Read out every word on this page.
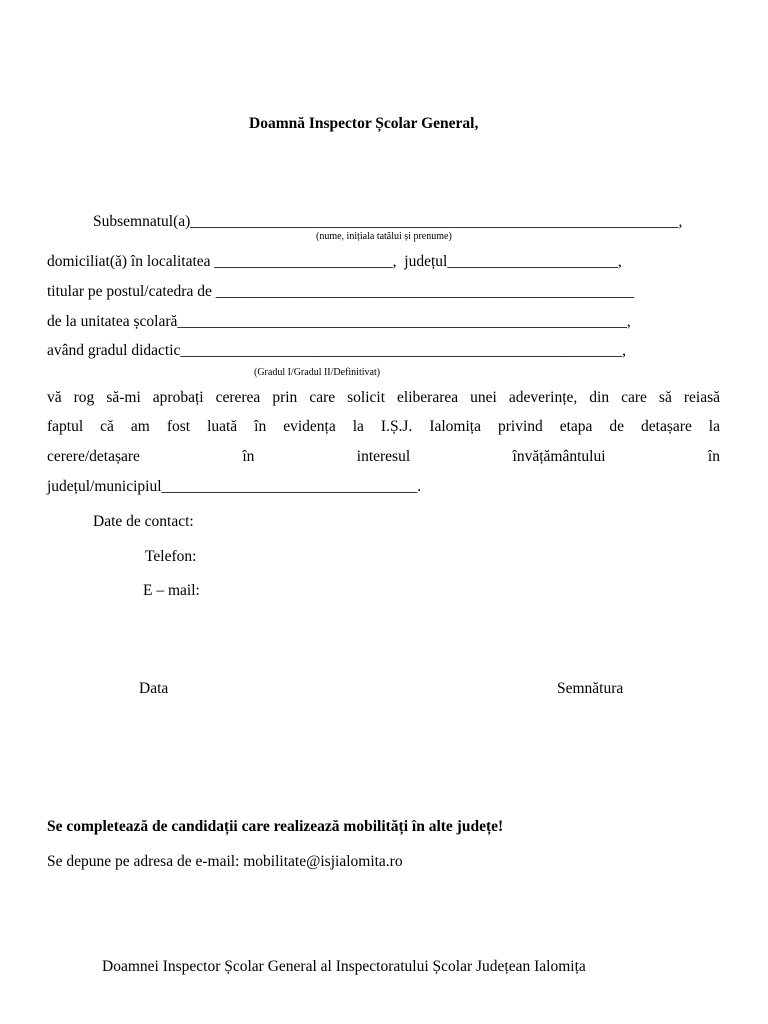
Doamnă Inspector Școlar General,
Subsemnatul(a)_______________________________________________________________,
(nume, inițiala tatălui și prenume)
domiciliat(ă) în localitatea _______________________,  județul______________________,
titular pe postul/catedra de ______________________________________________________
de la unitatea școlară__________________________________________________________,
având gradul didactic_________________________________________________________,
(Gradul I/Gradul II/Definitivat)
vă rog să-mi aprobați cererea prin care solicit eliberarea unei adeverințe, din care să reiasă
faptul că am fost luată în evidența la I.Ș.J. Ialomița privind etapa de detașare la
cerere/detașare în interesul învățământului în
județul/municipiul_________________________________.
Date de contact:
Telefon:
E – mail:
Data	Semnătura
Se completează de candidații care realizează mobilități în alte județe!
Se depune pe adresa de e-mail: mobilitate@isjialomita.ro
Doamnei Inspector Școlar General al Inspectoratului Școlar Județean Ialomița
